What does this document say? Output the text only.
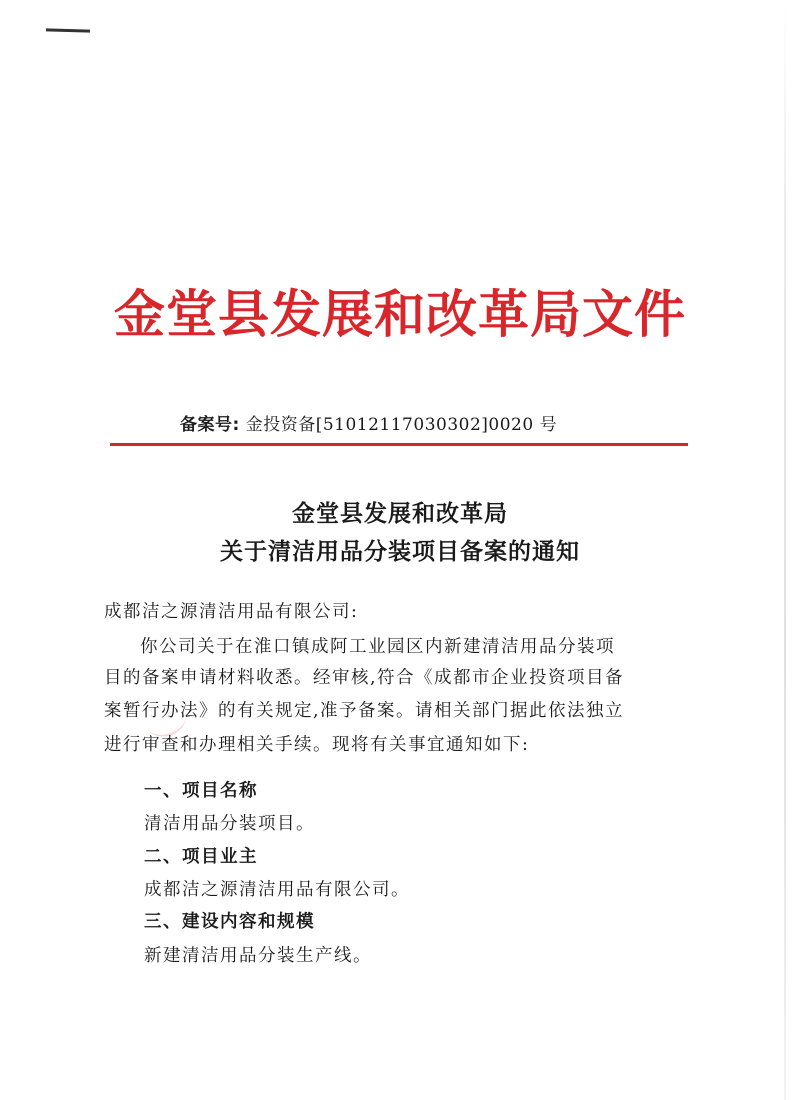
金堂县发展和改革局文件
备案号: 金投资备[51012117030302]0020 号
金堂县发展和改革局
关于清洁用品分装项目备案的通知
成都洁之源清洁用品有限公司:
你公司关于在淮口镇成阿工业园区内新建清洁用品分装项
目的备案申请材料收悉。经审核,符合《成都市企业投资项目备
案暂行办法》的有关规定,准予备案。请相关部门据此依法独立
进行审查和办理相关手续。现将有关事宜通知如下:
一、项目名称
清洁用品分装项目。
二、项目业主
成都洁之源清洁用品有限公司。
三、建设内容和规模
新建清洁用品分装生产线。
